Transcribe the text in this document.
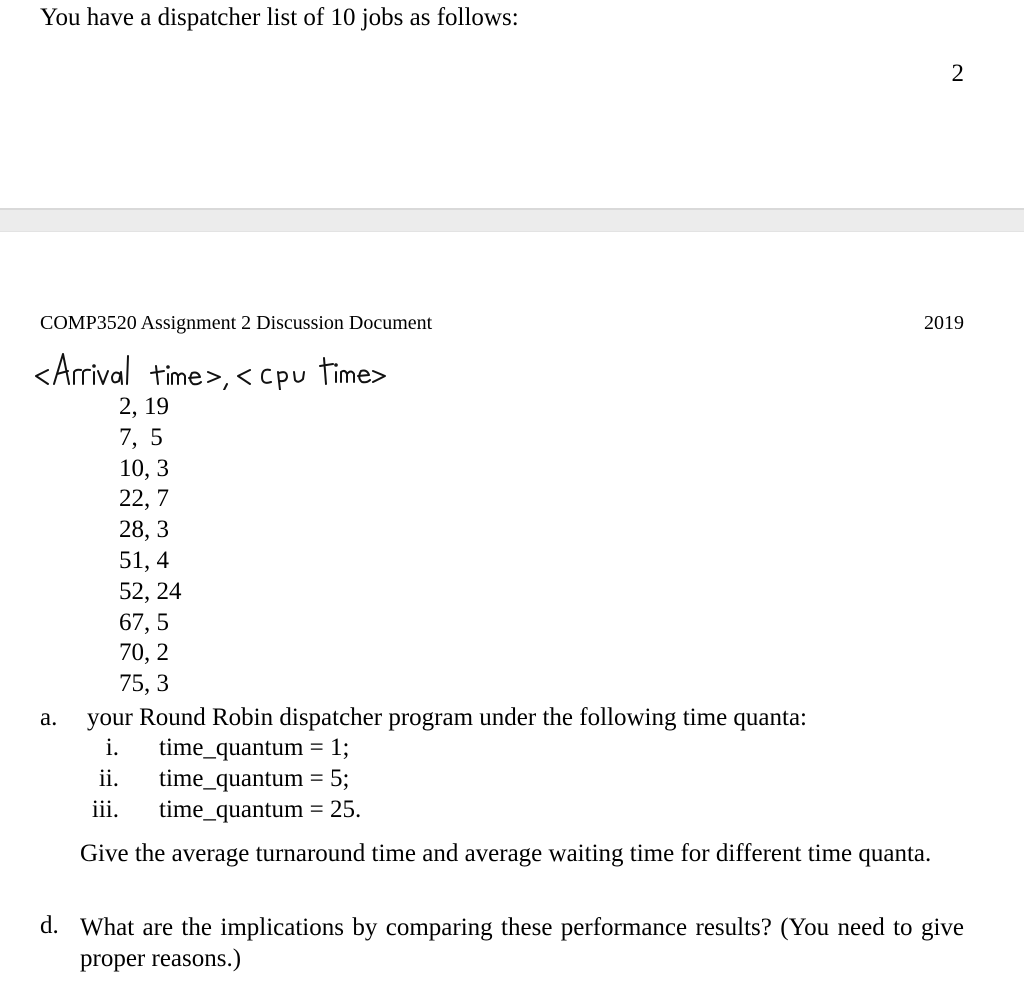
You have a dispatcher list of 10 jobs as follows:
2
COMP3520 Assignment 2 Discussion Document	2019
2, 19
7,  5
10, 3
22, 7
28, 3
51, 4
52, 24
67, 5
70, 2
75, 3
a. your Round Robin dispatcher program under the following time quanta:
i. time_quantum = 1;
ii. time_quantum = 5;
iii. time_quantum = 25.
Give the average turnaround time and average waiting time for different time quanta.
d. What are the implications by comparing these performance results? (You need to give proper reasons.)
